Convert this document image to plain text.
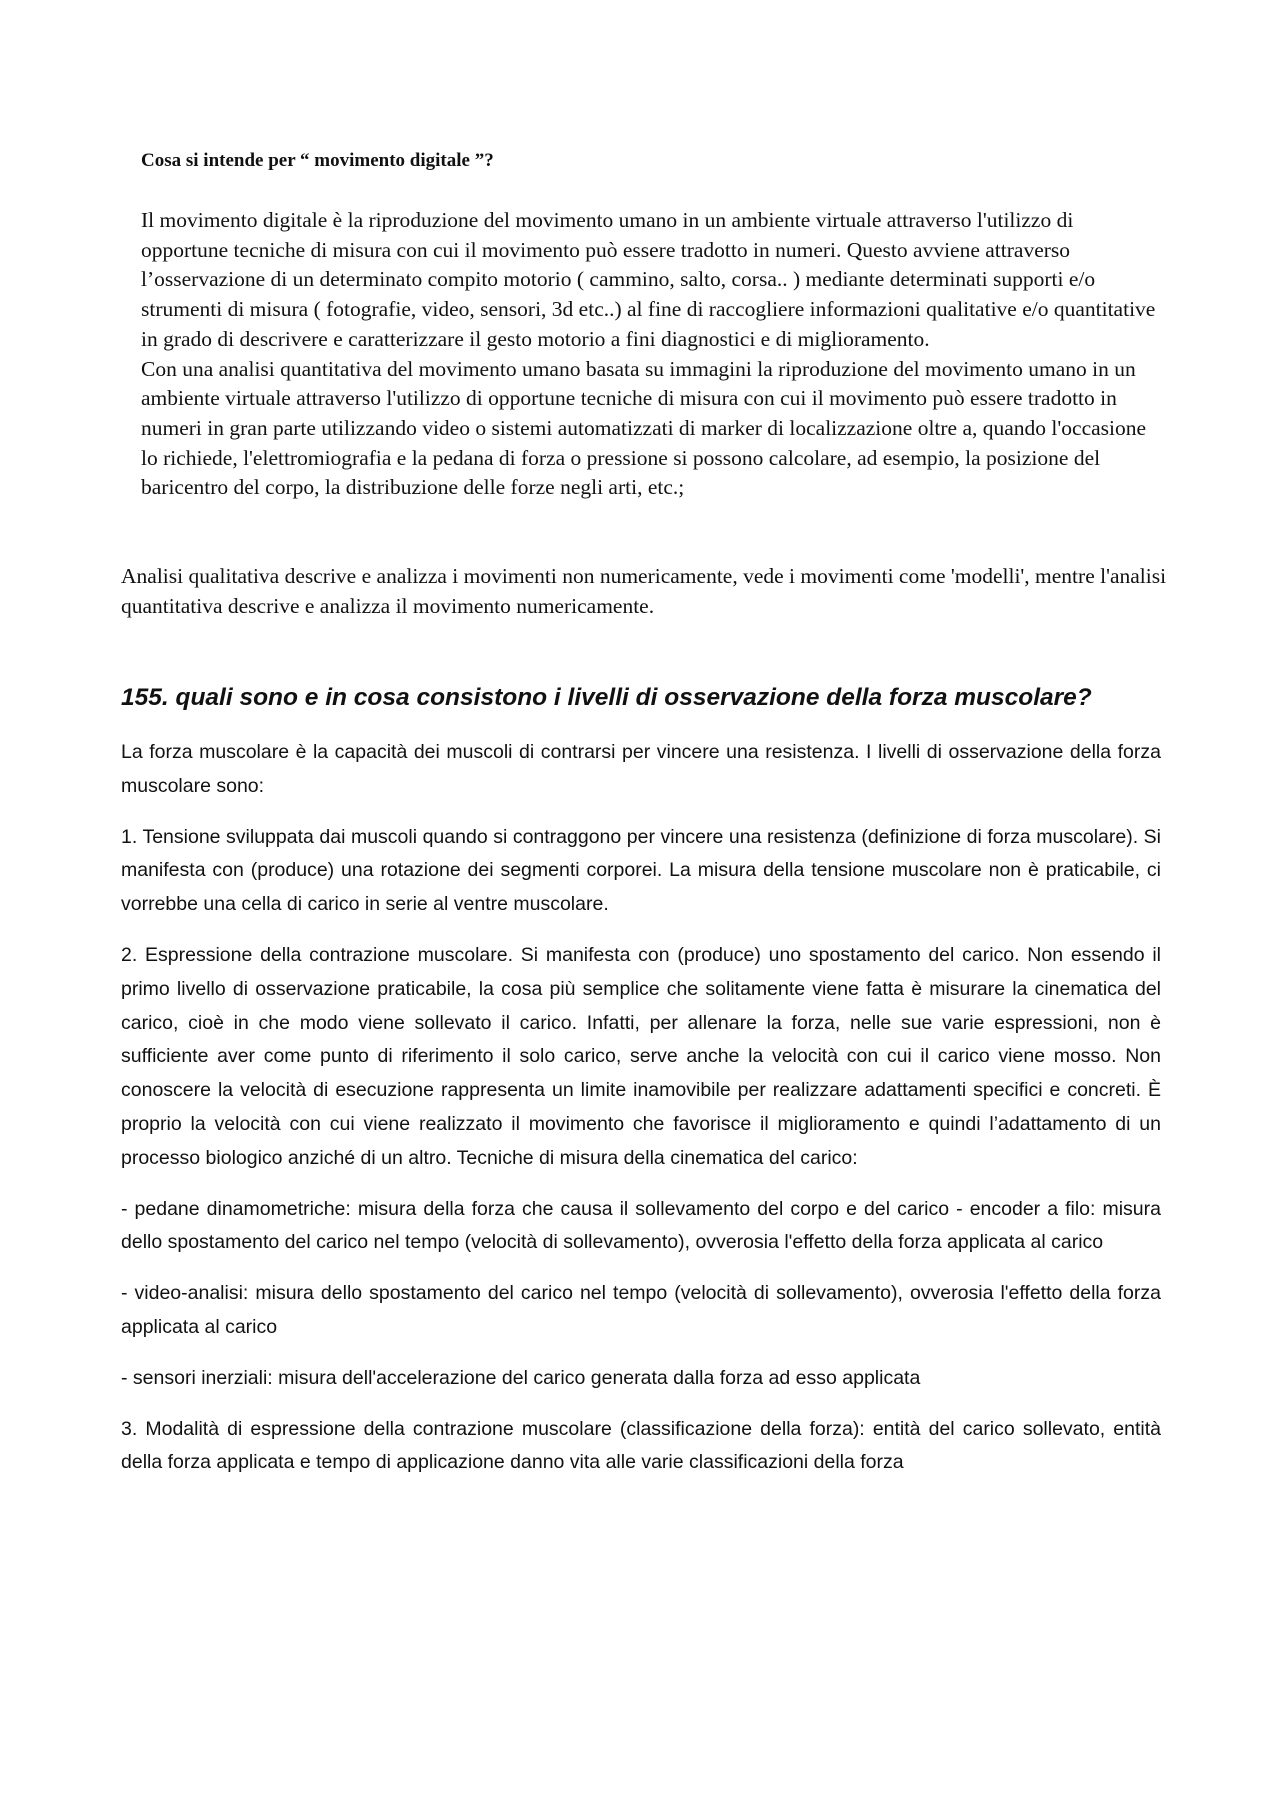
Cosa si intende per “ movimento digitale ”?

Il movimento digitale è la riproduzione del movimento umano in un ambiente virtuale attraverso l'utilizzo di opportune tecniche di misura con cui il movimento può essere tradotto in numeri. Questo avviene attraverso l’osservazione di un determinato compito motorio ( cammino, salto, corsa.. ) mediante determinati supporti e/o strumenti di misura ( fotografie, video, sensori, 3d etc..) al fine di raccogliere informazioni qualitative e/o quantitative in grado di descrivere e caratterizzare il gesto motorio a fini diagnostici e di miglioramento.

Con una analisi quantitativa del movimento umano basata su immagini la riproduzione del movimento umano in un ambiente virtuale attraverso l'utilizzo di opportune tecniche di misura con cui il movimento può essere tradotto in numeri in gran parte utilizzando video o sistemi automatizzati di marker di localizzazione oltre a, quando l'occasione lo richiede, l'elettromiografia e la pedana di forza o pressione si possono calcolare, ad esempio, la posizione del baricentro del corpo, la distribuzione delle forze negli arti, etc.;

Analisi qualitativa descrive e analizza i movimenti non numericamente, vede i movimenti come 'modelli', mentre l'analisi quantitativa descrive e analizza il movimento numericamente.

155. quali sono e in cosa consistono i livelli di osservazione della forza muscolare?

La forza muscolare è la capacità dei muscoli di contrarsi per vincere una resistenza. I livelli di osservazione della forza muscolare sono:

1. Tensione sviluppata dai muscoli quando si contraggono per vincere una resistenza (definizione di forza muscolare). Si manifesta con (produce) una rotazione dei segmenti corporei. La misura della tensione muscolare non è praticabile, ci vorrebbe una cella di carico in serie al ventre muscolare.

2. Espressione della contrazione muscolare. Si manifesta con (produce) uno spostamento del carico. Non essendo il primo livello di osservazione praticabile, la cosa più semplice che solitamente viene fatta è misurare la cinematica del carico, cioè in che modo viene sollevato il carico. Infatti, per allenare la forza, nelle sue varie espressioni, non è sufficiente aver come punto di riferimento il solo carico, serve anche la velocità con cui il carico viene mosso. Non conoscere la velocità di esecuzione rappresenta un limite inamovibile per realizzare adattamenti specifici e concreti. È proprio la velocità con cui viene realizzato il movimento che favorisce il miglioramento e quindi l’adattamento di un processo biologico anziché di un altro. Tecniche di misura della cinematica del carico:

- pedane dinamometriche: misura della forza che causa il sollevamento del corpo e del carico - encoder a filo: misura dello spostamento del carico nel tempo (velocità di sollevamento), ovverosia l'effetto della forza applicata al carico

- video-analisi: misura dello spostamento del carico nel tempo (velocità di sollevamento), ovverosia l'effetto della forza applicata al carico

- sensori inerziali: misura dell'accelerazione del carico generata dalla forza ad esso applicata

3. Modalità di espressione della contrazione muscolare (classificazione della forza): entità del carico sollevato, entità della forza applicata e tempo di applicazione danno vita alle varie classificazioni della forza
